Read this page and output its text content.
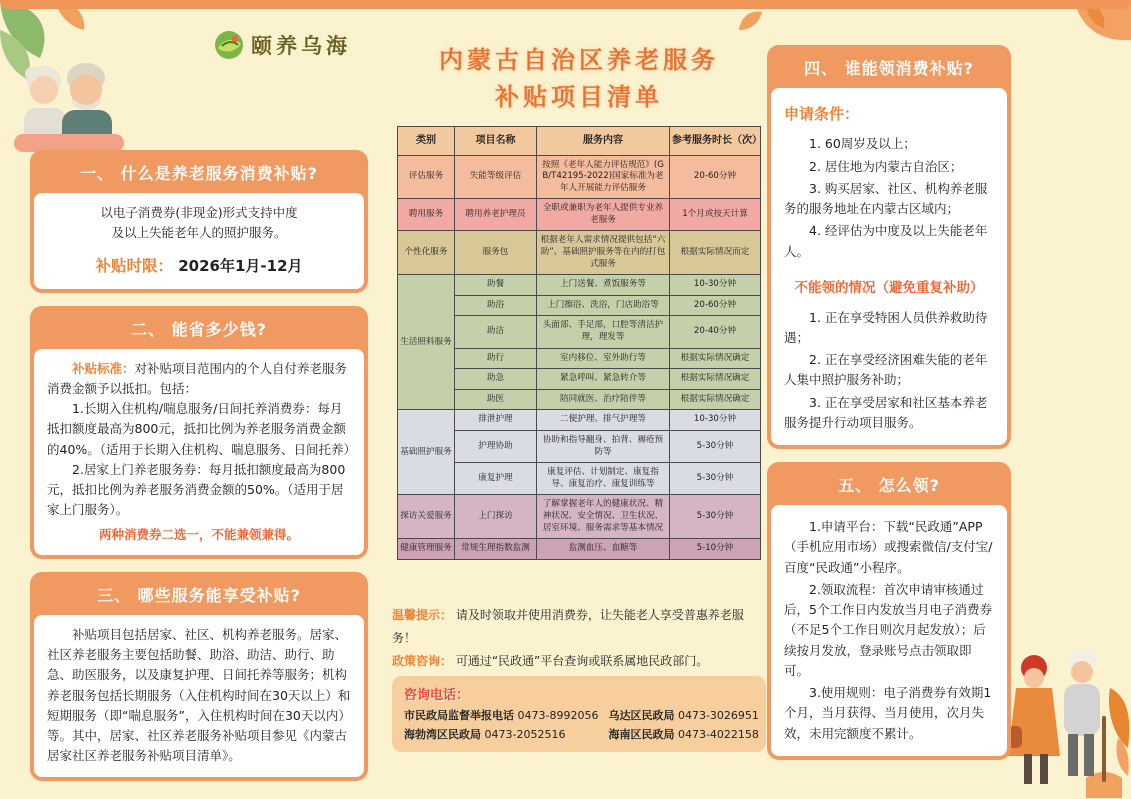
颐养乌海	内蒙古自治区养老服务
补贴项目清单
一、 什么是养老服务消费补贴?
以电子消费券(非现金)形式支持中度
及以上失能老年人的照护服务。
补贴时限： 2026年1月-12月
二、 能省多少钱?

补贴标准：对补贴项目范围内的个人自付养老服务消费金额予以抵扣。包括：

1.长期入住机构/喘息服务/日间托养消费券：每月抵扣额度最高为800元，抵扣比例为养老服务消费金额的40%。（适用于长期入住机构、喘息服务、日间托养）

2.居家上门养老服务券：每月抵扣额度最高为800元，抵扣比例为养老服务消费金额的50%。（适用于居家上门服务）。

两种消费券二选一，不能兼领兼得。

三、 哪些服务能享受补贴?

补贴项目包括居家、社区、机构养老服务。居家、社区养老服务主要包括助餐、助浴、助洁、助行、助急、助医服务，以及康复护理、日间托养等服务；机构养老服务包括长期服务（入住机构时间在30天以上）和短期服务（即“喘息服务”，入住机构时间在30天以内）等。其中，居家、社区养老服务补贴项目参见《内蒙古居家社区养老服务补贴项目清单》。

类别	项目名称	服务内容	参考服务时长（次）
评估服务	失能等级评估	按照《老年人能力评估规范》(GB/T42195-2022)国家标准为老年人开展能力评估服务	20-60分钟
聘用服务	聘用养老护理员	全职或兼职为老年人提供专业养老服务	1个月或按天计算
个性化服务	服务包	根据老年人需求情况提供包括“六助”、基础照护服务等在内的打包式服务	根据实际情况而定
生活照料服务	助餐	上门送餐、煮饭服务等	10-30分钟
	助浴	上门擦浴、洗浴，门店助浴等	20-60分钟
	助洁	头面部、手足部，口腔等清洁护理，理发等	20-40分钟
	助行	室内移位、室外助行等	根据实际情况确定
	助急	紧急呼叫、紧急转介等	根据实际情况确定
	助医	陪同就医、治疗陪伴等	根据实际情况确定
基础照护服务	排泄护理	二便护理、排气护理等	10-30分钟
	护理协助	协助和指导翻身、拍背、褥疮预防等	5-30分钟
	康复护理	康复评估、计划制定、康复指导、康复治疗、康复训练等	5-30分钟
探访关爱服务	上门探访	了解掌握老年人的健康状况、精神状况、安全情况、卫生状况、居室环境、服务需求等基本情况	5-30分钟
健康管理服务	常规生理指数监测	监测血压、血糖等	5-10分钟
温馨提示： 请及时领取并使用消费券，让失能老人享受普惠养老服务！
政策咨询： 可通过“民政通”平台查询或联系属地民政部门。
咨询电话：
市民政局监督举报电话 0473-8992056 乌达区民政局 0473-3026951
海勃湾区民政局 0473-2052516	海南区民政局 0473-4022158
四、 谁能领消费补贴?
申请条件：

1. 60周岁及以上；

2. 居住地为内蒙古自治区；

3. 购买居家、社区、机构养老服务的服务地址在内蒙古区域内；

4. 经评估为中度及以上失能老年人。

不能领的情况（避免重复补助）

1. 正在享受特困人员供养救助待遇；

2. 正在享受经济困难失能的老年人集中照护服务补助；

3. 正在享受居家和社区基本养老服务提升行动项目服务。

五、 怎么领?

1.申请平台：下载“民政通”APP（手机应用市场）或搜索微信/支付宝/百度“民政通”小程序。

2.领取流程：首次申请审核通过后，5个工作日内发放当月电子消费券（不足5个工作日则次月起发放）；后续按月发放，登录账号点击领取即可。

3.使用规则：电子消费券有效期1个月，当月获得、当月使用，次月失效，未用完额度不累计。
